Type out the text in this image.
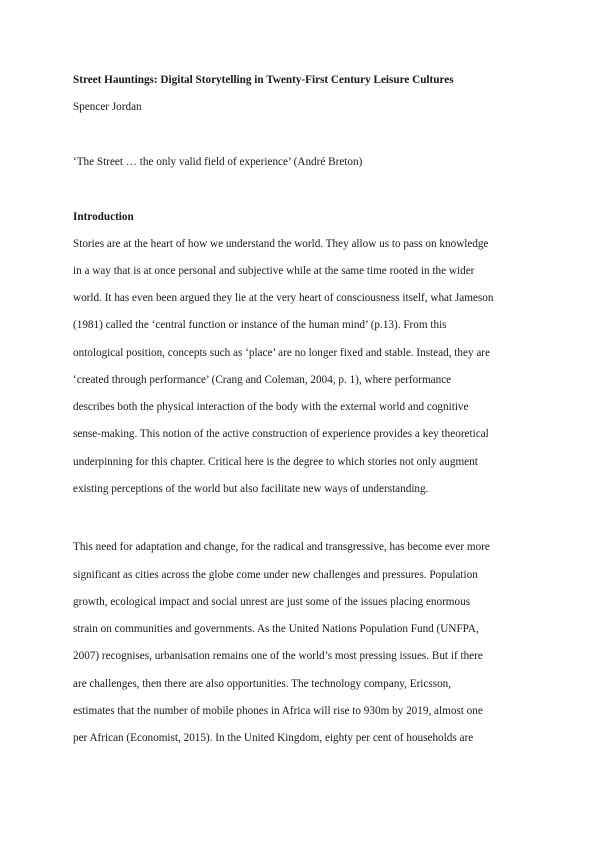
Street Hauntings: Digital Storytelling in Twenty-First Century Leisure Cultures
Spencer Jordan
‘The Street … the only valid field of experience’ (André Breton)
Introduction
Stories are at the heart of how we understand the world. They allow us to pass on knowledge
in a way that is at once personal and subjective while at the same time rooted in the wider
world. It has even been argued they lie at the very heart of consciousness itself, what Jameson
(1981) called the ‘central function or instance of the human mind’ (p.13). From this
ontological position, concepts such as ‘place’ are no longer fixed and stable. Instead, they are
‘created through performance’ (Crang and Coleman, 2004, p. 1), where performance
describes both the physical interaction of the body with the external world and cognitive
sense-making. This notion of the active construction of experience provides a key theoretical
underpinning for this chapter. Critical here is the degree to which stories not only augment
existing perceptions of the world but also facilitate new ways of understanding.
This need for adaptation and change, for the radical and transgressive, has become ever more
significant as cities across the globe come under new challenges and pressures. Population
growth, ecological impact and social unrest are just some of the issues placing enormous
strain on communities and governments. As the United Nations Population Fund (UNFPA,
2007) recognises, urbanisation remains one of the world’s most pressing issues. But if there
are challenges, then there are also opportunities. The technology company, Ericsson,
estimates that the number of mobile phones in Africa will rise to 930m by 2019, almost one
per African (Economist, 2015). In the United Kingdom, eighty per cent of households are
